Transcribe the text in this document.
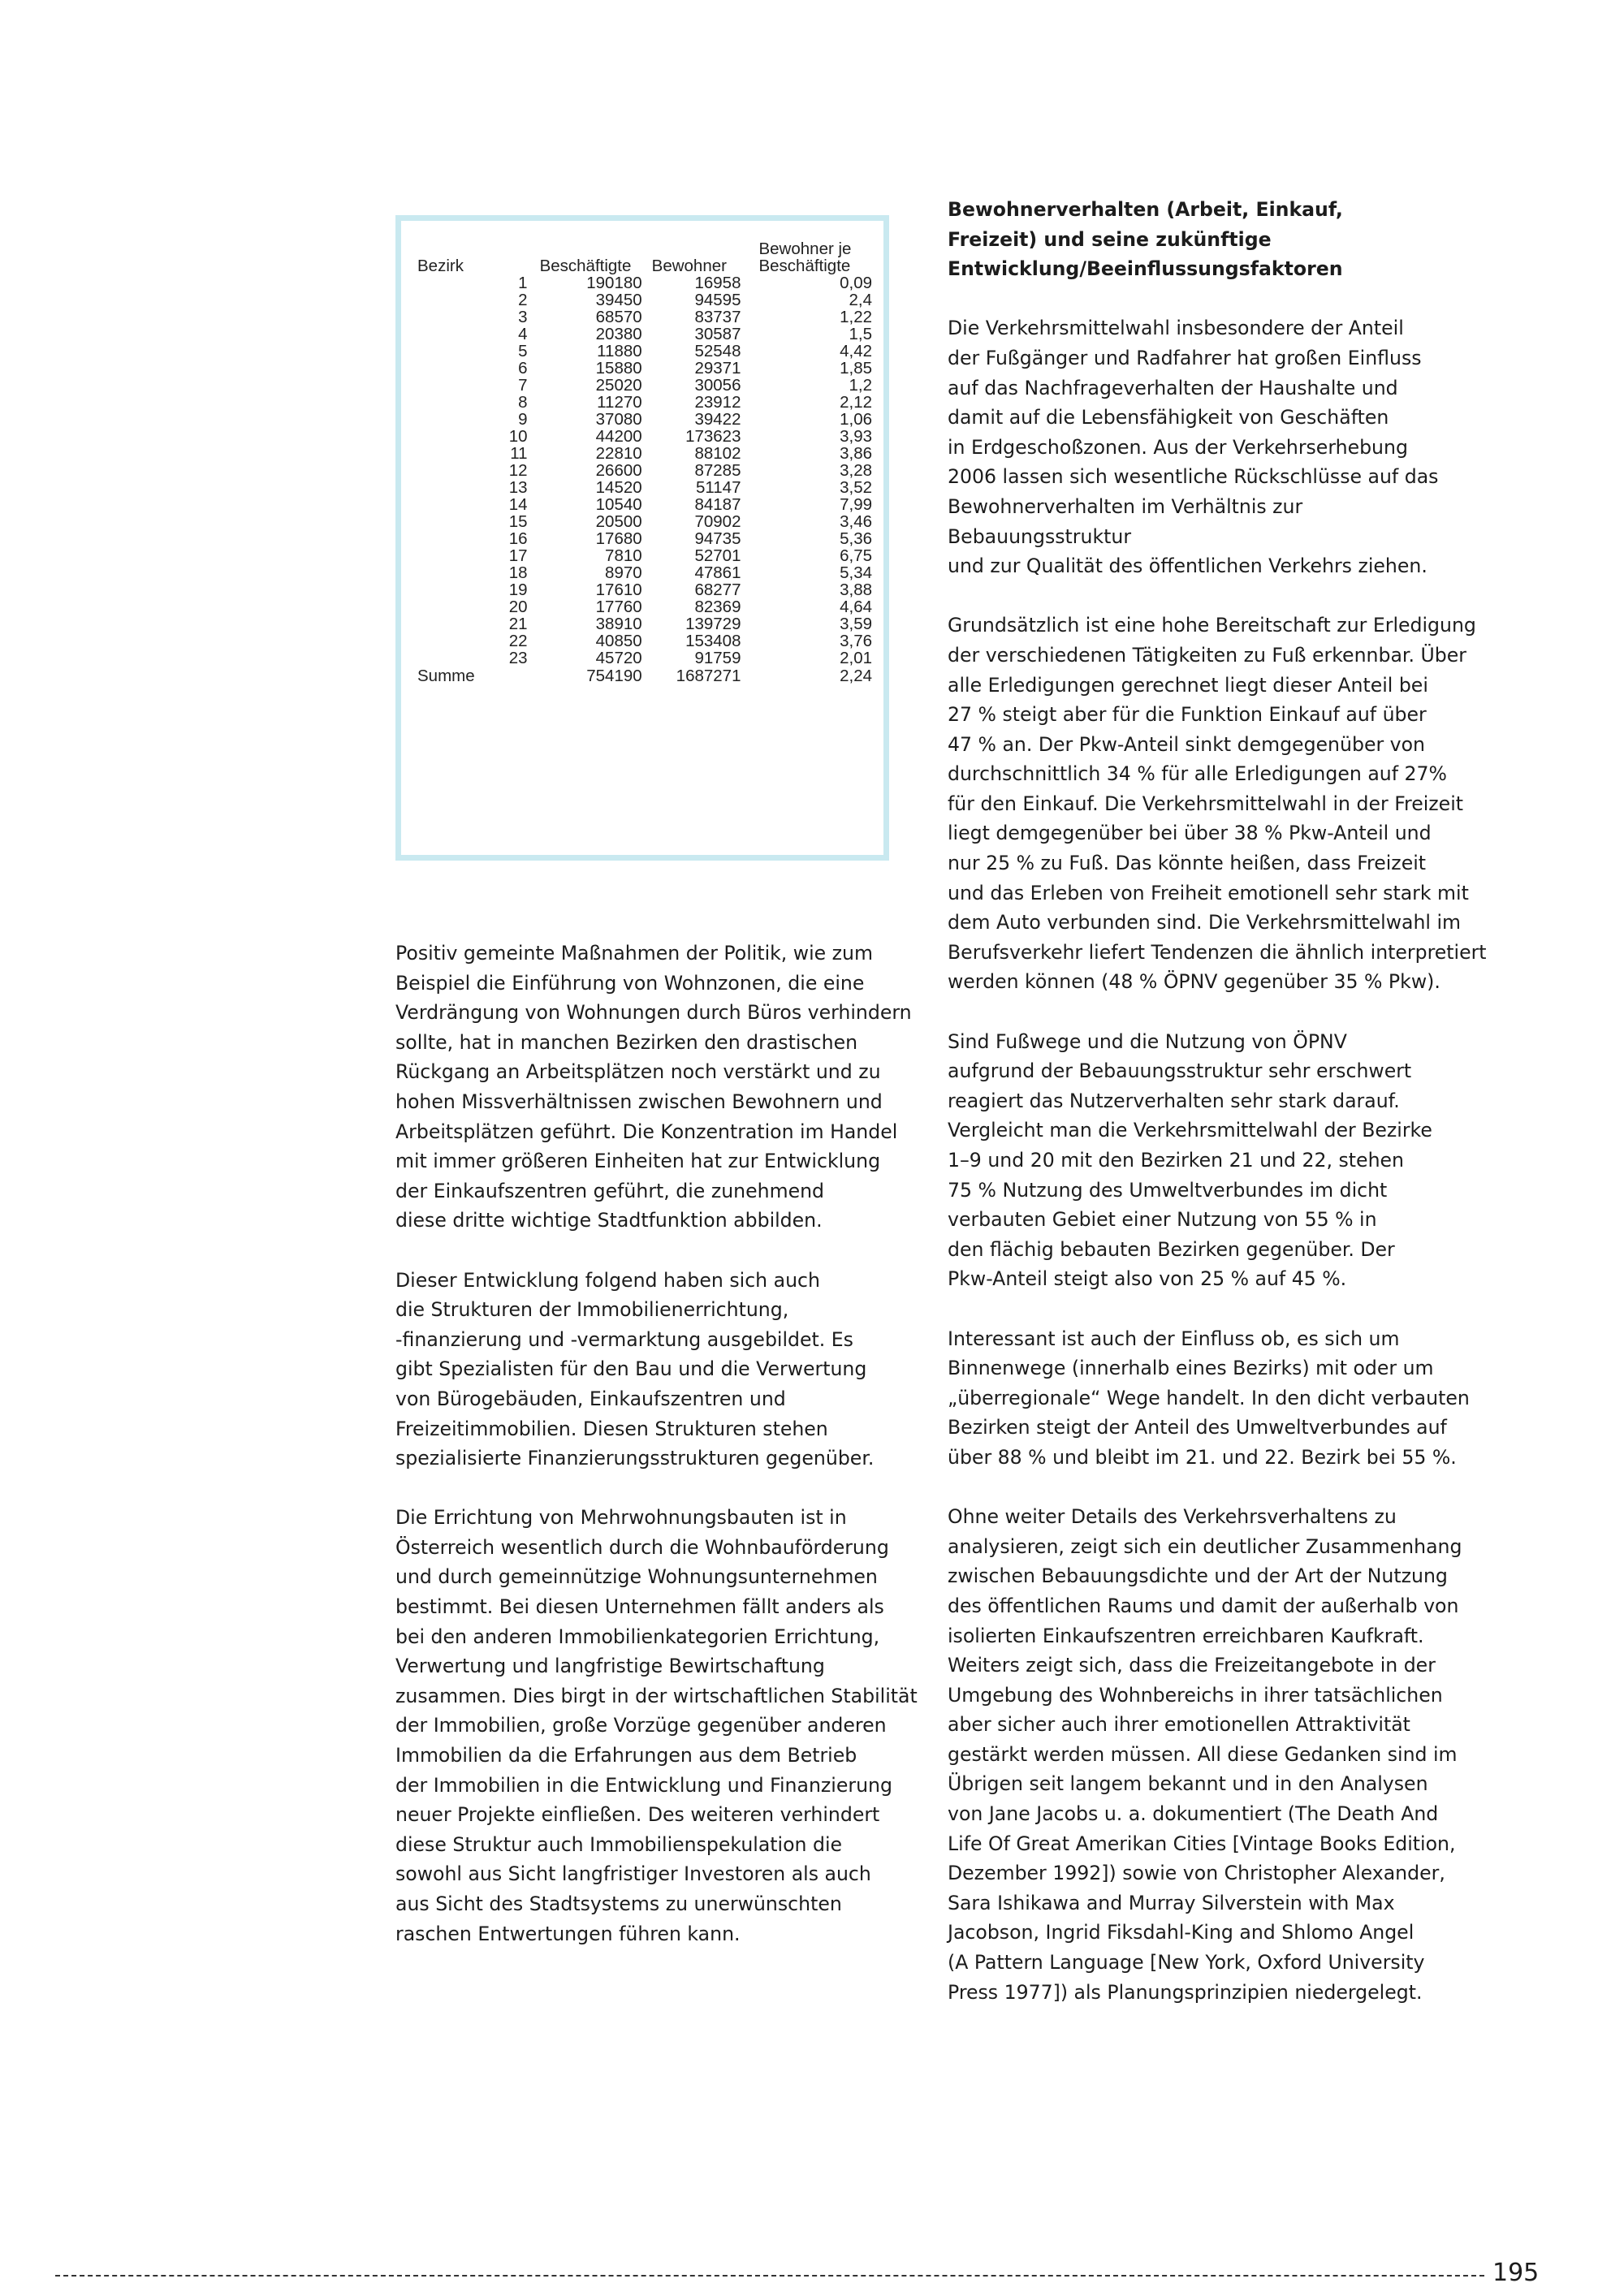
Bezirk		Beschäftigte	Bewohner	Bewohner je
Beschäftigte
	1	190180	16958	0,09
	2	39450	94595	2,4
	3	68570	83737	1,22
	4	20380	30587	1,5
	5	11880	52548	4,42
	6	15880	29371	1,85
	7	25020	30056	1,2
	8	11270	23912	2,12
	9	37080	39422	1,06
	10	44200	173623	3,93
	11	22810	88102	3,86
	12	26600	87285	3,28
	13	14520	51147	3,52
	14	10540	84187	7,99
	15	20500	70902	3,46
	16	17680	94735	5,36
	17	7810	52701	6,75
	18	8970	47861	5,34
	19	17610	68277	3,88
	20	17760	82369	4,64
	21	38910	139729	3,59
	22	40850	153408	3,76
	23	45720	91759	2,01
Summe		754190	1687271	2,24

Positiv gemeinte Maßnahmen der Politik, wie zum
Beispiel die Einführung von Wohnzonen, die eine
Verdrängung von Wohnungen durch Büros verhindern
sollte, hat in manchen Bezirken den drastischen
Rückgang an Arbeitsplätzen noch verstärkt und zu
hohen Missverhältnissen zwischen Bewohnern und
Arbeitsplätzen geführt. Die Konzentration im Handel
mit immer größeren Einheiten hat zur Entwicklung
der Einkaufszentren geführt, die zunehmend
diese dritte wichtige Stadtfunktion abbilden.

Dieser Entwicklung folgend haben sich auch
die Strukturen der Immobilienerrichtung,
-finanzierung und -vermarktung ausgebildet. Es
gibt Spezialisten für den Bau und die Verwertung
von Bürogebäuden, Einkaufszentren und
Freizeitimmobilien. Diesen Strukturen stehen
spezialisierte Finanzierungsstrukturen gegenüber.

Die Errichtung von Mehrwohnungsbauten ist in
Österreich wesentlich durch die Wohnbauförderung
und durch gemeinnützige Wohnungsunternehmen
bestimmt. Bei diesen Unternehmen fällt anders als
bei den anderen Immobilienkategorien Errichtung,
Verwertung und langfristige Bewirtschaftung
zusammen. Dies birgt in der wirtschaftlichen Stabilität
der Immobilien, große Vorzüge gegenüber anderen
Immobilien da die Erfahrungen aus dem Betrieb
der Immobilien in die Entwicklung und Finanzierung
neuer Projekte einfließen. Des weiteren verhindert
diese Struktur auch Immobilienspekulation die
sowohl aus Sicht langfristiger Investoren als auch
aus Sicht des Stadtsystems zu unerwünschten
raschen Entwertungen führen kann.

Bewohnerverhalten (Arbeit, Einkauf,
Freizeit) und seine zukünftige
Entwicklung/Beeinflussungsfaktoren

Die Verkehrsmittelwahl insbesondere der Anteil
der Fußgänger und Radfahrer hat großen Einfluss
auf das Nachfrageverhalten der Haushalte und
damit auf die Lebensfähigkeit von Geschäften
in Erdgeschoßzonen. Aus der Verkehrserhebung
2006 lassen sich wesentliche Rückschlüsse auf das
Bewohnerverhalten im Verhältnis zur Bebauungsstruktur
und zur Qualität des öffentlichen Verkehrs ziehen.

Grundsätzlich ist eine hohe Bereitschaft zur Erledigung
der verschiedenen Tätigkeiten zu Fuß erkennbar. Über
alle Erledigungen gerechnet liegt dieser Anteil bei
27 % steigt aber für die Funktion Einkauf auf über
47 % an. Der Pkw-Anteil sinkt demgegenüber von
durchschnittlich 34 % für alle Erledigungen auf 27%
für den Einkauf. Die Verkehrsmittelwahl in der Freizeit
liegt demgegenüber bei über 38 % Pkw-Anteil und
nur 25 % zu Fuß. Das könnte heißen, dass Freizeit
und das Erleben von Freiheit emotionell sehr stark mit
dem Auto verbunden sind. Die Verkehrsmittelwahl im
Berufsverkehr liefert Tendenzen die ähnlich interpretiert
werden können (48 % ÖPNV gegenüber 35 % Pkw).

Sind Fußwege und die Nutzung von ÖPNV
aufgrund der Bebauungsstruktur sehr erschwert
reagiert das Nutzerverhalten sehr stark darauf.
Vergleicht man die Verkehrsmittelwahl der Bezirke
1–9 und 20 mit den Bezirken 21 und 22, stehen
75 % Nutzung des Umweltverbundes im dicht
verbauten Gebiet einer Nutzung von 55 % in
den flächig bebauten Bezirken gegenüber. Der
Pkw-Anteil steigt also von 25 % auf 45 %.

Interessant ist auch der Einfluss ob, es sich um
Binnenwege (innerhalb eines Bezirks) mit oder um
„überregionale“ Wege handelt. In den dicht verbauten
Bezirken steigt der Anteil des Umweltverbundes auf
über 88 % und bleibt im 21. und 22. Bezirk bei 55 %.

Ohne weiter Details des Verkehrsverhaltens zu
analysieren, zeigt sich ein deutlicher Zusammenhang
zwischen Bebauungsdichte und der Art der Nutzung
des öffentlichen Raums und damit der außerhalb von
isolierten Einkaufszentren erreichbaren Kaufkraft.
Weiters zeigt sich, dass die Freizeitangebote in der
Umgebung des Wohnbereichs in ihrer tatsächlichen
aber sicher auch ihrer emotionellen Attraktivität
gestärkt werden müssen. All diese Gedanken sind im
Übrigen seit langem bekannt und in den Analysen
von Jane Jacobs u. a. dokumentiert (The Death And
Life Of Great Amerikan Cities [Vintage Books Edition,
Dezember 1992]) sowie von Christopher Alexander,
Sara Ishikawa and Murray Silverstein with Max
Jacobson, Ingrid Fiksdahl-King and Shlomo Angel
(A Pattern Language [New York, Oxford University
Press 1977]) als Planungsprinzipien niedergelegt.

195
